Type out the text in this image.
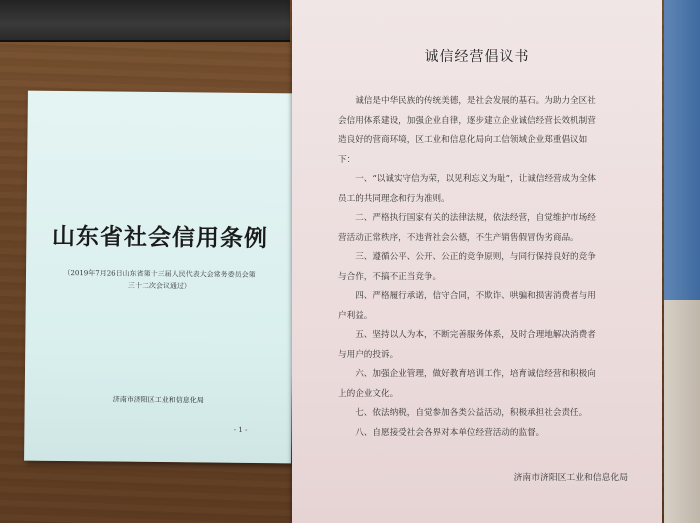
山东省社会信用条例
（2019年7月26日山东省第十三届人民代表大会常务委员会第
三十二次会议通过）
济南市济阳区工业和信息化局
- 1 -
诚信经营倡议书

诚信是中华民族的传统美德，是社会发展的基石。为助力全区社会信用体系建设，加强企业自律，逐步建立企业诚信经营长效机制营造良好的营商环境，区工业和信息化局向工信领域企业郑重倡议如下：

一、“以诚实守信为荣，以见利忘义为耻”，让诚信经营成为全体员工的共同理念和行为准则。

二、严格执行国家有关的法律法规，依法经营，自觉维护市场经营活动正常秩序，不违背社会公德，不生产销售假冒伪劣商品。

三、遵循公平、公开、公正的竞争原则，与同行保持良好的竞争与合作，不搞不正当竞争。

四、严格履行承诺，信守合同，不欺诈、哄骗和损害消费者与用户利益。

五、坚持以人为本，不断完善服务体系，及时合理地解决消费者与用户的投诉。

六、加强企业管理，做好教育培训工作，培育诚信经营和积极向上的企业文化。

七、依法纳税，自觉参加各类公益活动，积极承担社会责任。

八、自愿接受社会各界对本单位经营活动的监督。

济南市济阳区工业和信息化局
